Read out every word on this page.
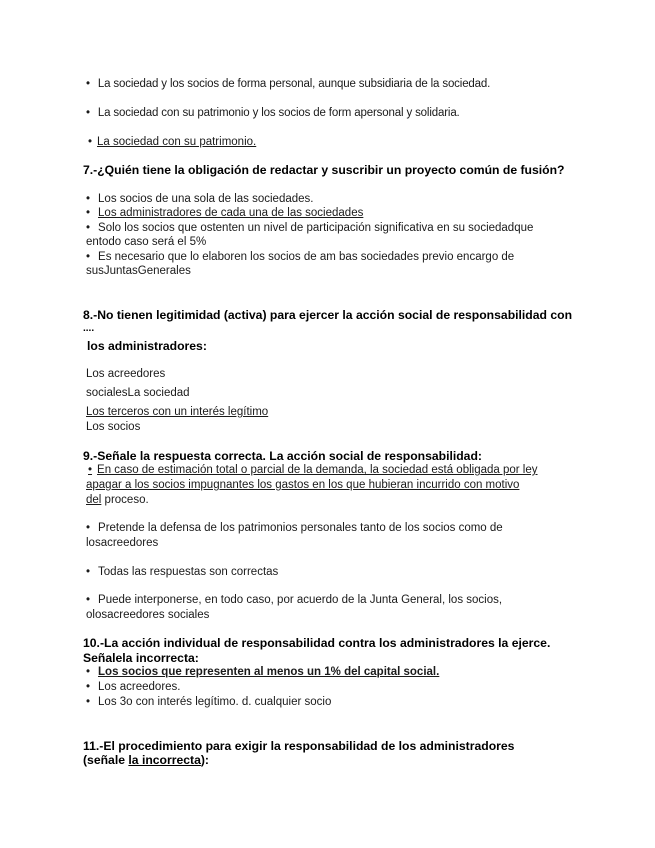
• La sociedad y los socios de forma personal, aunque subsidiaria de la sociedad.
• La sociedad con su patrimonio y los socios de form apersonal y solidaria.
• La sociedad con su patrimonio.
7.-¿Quién tiene la obligación de redactar y suscribir un proyecto común de fusión?
• Los socios de una sola de las sociedades.
• Los administradores de cada una de las sociedades
• Solo los socios que ostenten un nivel de participación significativa en su sociedadque
entodo caso será el 5%
• Es necesario que lo elaboren los socios de am bas sociedades previo encargo de
susJuntasGenerales
8.-No tienen legitimidad (activa) para ejercer la acción social de responsabilidad con
....
los administradores:
Los acreedores
socialesLa sociedad
Los terceros con un interés legítimo
Los socios
9.-Señale la respuesta correcta. La acción social de responsabilidad:
• En caso de estimación total o parcial de la demanda, la sociedad está obligada por ley
apagar a los socios impugnantes los gastos en los que hubieran incurrido con motivo
del proceso.
• Pretende la defensa de los patrimonios personales tanto de los socios como de
losacreedores
• Todas las respuestas son correctas
• Puede interponerse, en todo caso, por acuerdo de la Junta General, los socios,
olosacreedores sociales
10.-La acción individual de responsabilidad contra los administradores la ejerce.
Señalela incorrecta:
• Los socios que representen al menos un 1% del capital social.
• Los acreedores.
• Los 3o con interés legítimo. d. cualquier socio
11.-El procedimiento para exigir la responsabilidad de los administradores
(señale la incorrecta):
